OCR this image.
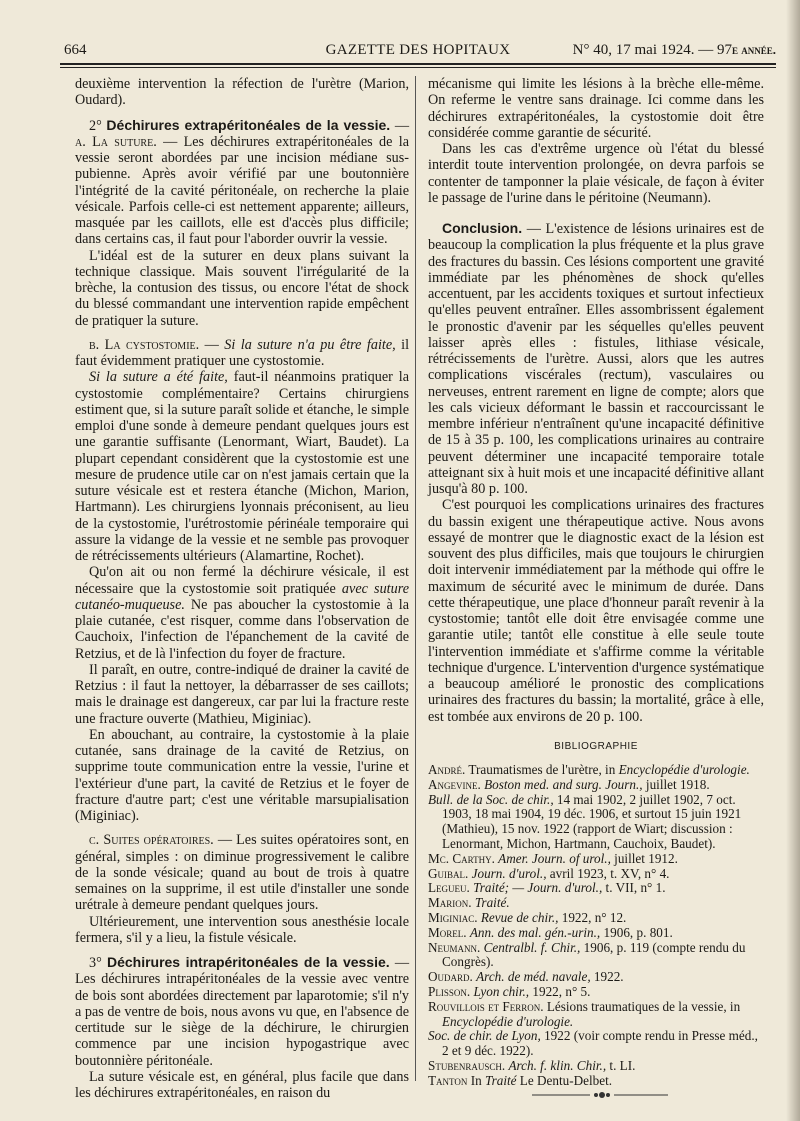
664	GAZETTE DES HOPITAUX	N° 40, 17 mai 1924. — 97e année.

deuxième intervention la réfection de l'urètre (Marion, Oudard).

2° Déchirures extrapéritonéales de la vessie. — a. La suture. — Les déchirures extrapéritonéales de la vessie seront abordées par une incision médiane sus-pubienne. Après avoir vérifié par une boutonnière l'intégrité de la cavité péritonéale, on recherche la plaie vésicale. Parfois celle-ci est nettement apparente; ailleurs, masquée par les caillots, elle est d'accès plus difficile; dans certains cas, il faut pour l'aborder ouvrir la vessie.

L'idéal est de la suturer en deux plans suivant la technique classique. Mais souvent l'irrégularité de la brèche, la contusion des tissus, ou encore l'état de shock du blessé commandant une intervention rapide empêchent de pratiquer la suture.

b. La cystostomie. — Si la suture n'a pu être faite, il faut évidemment pratiquer une cystostomie.

Si la suture a été faite, faut-il néanmoins pratiquer la cystostomie complémentaire? Certains chirurgiens estiment que, si la suture paraît solide et étanche, le simple emploi d'une sonde à demeure pendant quelques jours est une garantie suffisante (Lenormant, Wiart, Baudet). La plupart cependant considèrent que la cystostomie est une mesure de prudence utile car on n'est jamais certain que la suture vésicale est et restera étanche (Michon, Marion, Hartmann). Les chirurgiens lyonnais préconisent, au lieu de la cystostomie, l'urétrostomie périnéale temporaire qui assure la vidange de la vessie et ne semble pas provoquer de rétrécissements ultérieurs (Alamartine, Rochet).

Qu'on ait ou non fermé la déchirure vésicale, il est nécessaire que la cystostomie soit pratiquée avec suture cutanéo-muqueuse. Ne pas aboucher la cystostomie à la plaie cutanée, c'est risquer, comme dans l'observation de Cauchoix, l'infection de l'épanchement de la cavité de Retzius, et de là l'infection du foyer de fracture.

Il paraît, en outre, contre-indiqué de drainer la cavité de Retzius : il faut la nettoyer, la débarrasser de ses caillots; mais le drainage est dangereux, car par lui la fracture reste une fracture ouverte (Mathieu, Miginiac).

En abouchant, au contraire, la cystostomie à la plaie cutanée, sans drainage de la cavité de Retzius, on supprime toute communication entre la vessie, l'urine et l'extérieur d'une part, la cavité de Retzius et le foyer de fracture d'autre part; c'est une véritable marsupialisation (Miginiac).

c. Suites opératoires. — Les suites opératoires sont, en général, simples : on diminue progressivement le calibre de la sonde vésicale; quand au bout de trois à quatre semaines on la supprime, il est utile d'installer une sonde urétrale à demeure pendant quelques jours.

Ultérieurement, une intervention sous anesthésie locale fermera, s'il y a lieu, la fistule vésicale.

3° Déchirures intrapéritonéales de la vessie. — Les déchirures intrapéritonéales de la vessie avec ventre de bois sont abordées directement par laparotomie; s'il n'y a pas de ventre de bois, nous avons vu que, en l'absence de certitude sur le siège de la déchirure, le chirurgien commence par une incision hypogastrique avec boutonnière péritonéale.

La suture vésicale est, en général, plus facile que dans les déchirures extrapéritonéales, en raison du

mécanisme qui limite les lésions à la brèche elle-même. On referme le ventre sans drainage. Ici comme dans les déchirures extrapéritonéales, la cystostomie doit être considérée comme garantie de sécurité.

Dans les cas d'extrême urgence où l'état du blessé interdit toute intervention prolongée, on devra parfois se contenter de tamponner la plaie vésicale, de façon à éviter le passage de l'urine dans le péritoine (Neumann).

Conclusion. — L'existence de lésions urinaires est de beaucoup la complication la plus fréquente et la plus grave des fractures du bassin. Ces lésions comportent une gravité immédiate par les phénomènes de shock qu'elles accentuent, par les accidents toxiques et surtout infectieux qu'elles peuvent entraîner. Elles assombrissent également le pronostic d'avenir par les séquelles qu'elles peuvent laisser après elles : fistules, lithiase vésicale, rétrécissements de l'urètre. Aussi, alors que les autres complications viscérales (rectum), vasculaires ou nerveuses, entrent rarement en ligne de compte; alors que les cals vicieux déformant le bassin et raccourcissant le membre inférieur n'entraînent qu'une incapacité définitive de 15 à 35 p. 100, les complications urinaires au contraire peuvent déterminer une incapacité temporaire totale atteignant six à huit mois et une incapacité définitive allant jusqu'à 80 p. 100.

C'est pourquoi les complications urinaires des fractures du bassin exigent une thérapeutique active. Nous avons essayé de montrer que le diagnostic exact de la lésion est souvent des plus difficiles, mais que toujours le chirurgien doit intervenir immédiatement par la méthode qui offre le maximum de sécurité avec le minimum de durée. Dans cette thérapeutique, une place d'honneur paraît revenir à la cystostomie; tantôt elle doit être envisagée comme une garantie utile; tantôt elle constitue à elle seule toute l'intervention immédiate et s'affirme comme la véritable technique d'urgence. L'intervention d'urgence systématique a beaucoup amélioré le pronostic des complications urinaires des fractures du bassin; la mortalité, grâce à elle, est tombée aux environs de 20 p. 100.

BIBLIOGRAPHIE

André. Traumatismes de l'urètre, in Encyclopédie d'urologie.

Angevine. Boston med. and surg. Journ., juillet 1918.

Bull. de la Soc. de chir., 14 mai 1902, 2 juillet 1902, 7 oct. 1903, 18 mai 1904, 19 déc. 1906, et surtout 15 juin 1921 (Mathieu), 15 nov. 1922 (rapport de Wiart; discussion : Lenormant, Michon, Hartmann, Cauchoix, Baudet).

Mc. Carthy. Amer. Journ. of urol., juillet 1912.

Guibal. Journ. d'urol., avril 1923, t. XV, n° 4.

Legueu. Traité; — Journ. d'urol., t. VII, n° 1.

Marion. Traité.

Miginiac. Revue de chir., 1922, n° 12.

Morel. Ann. des mal. gén.-urin., 1906, p. 801.

Neumann. Centralbl. f. Chir., 1906, p. 119 (compte rendu du Congrès).

Oudard. Arch. de méd. navale, 1922.

Plisson. Lyon chir., 1922, n° 5.

Rouvillois et Ferron. Lésions traumatiques de la vessie, in Encyclopédie d'urologie.

Soc. de chir. de Lyon, 1922 (voir compte rendu in Presse méd., 2 et 9 déc. 1922).

Stubenrausch. Arch. f. klin. Chir., t. LI.

Tanton In Traité Le Dentu-Delbet.
